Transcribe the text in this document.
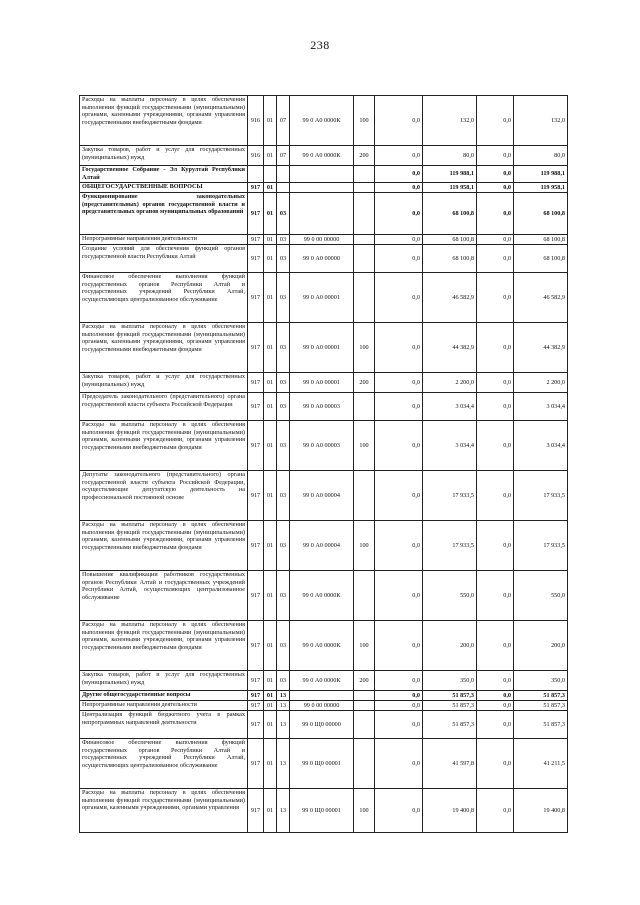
238
Расходы на выплаты персоналу в целях обеспечения выполнения функций государственными (муниципальными) органами, казенными учреждениями, органами управления государственными внебюджетными фондами	916	01	07	99 0 А0 0000К	100	0,0	132,0	0,0	132,0
Закупка товаров, работ и услуг для государственных (муниципальных) нужд	916	01	07	99 0 А0 0000К	200	0,0	80,0	0,0	80,0
Государственное Собрание - Эл Курултай Республики Алтай						0,0	119 988,1	0,0	119 988,1
ОБЩЕГОСУДАРСТВЕННЫЕ ВОПРОСЫ	917	01				0,0	119 958,1	0,0	119 958,1
Функционирование законодательных (представительных) органов государственной власти и представительных органов муниципальных образований	917	01	03			0,0	68 100,8	0,0	68 100,8
Непрограммные направления деятельности	917	01	03	99 0 00 00000		0,0	68 100,8	0,0	68 100,8
Создание условий для обеспечения функций органов государственной власти Республики Алтай	917	01	03	99 0 А0 00000		0,0	68 100,8	0,0	68 100,8
Финансовое обеспечение выполнения функций государственных органов Республики Алтай и государственных учреждений Республики Алтай, осуществляющих централизованное обслуживание	917	01	03	99 0 А0 00001		0,0	46 582,9	0,0	46 582,9
Расходы на выплаты персоналу в целях обеспечения выполнения функций государственными (муниципальными) органами, казенными учреждениями, органами управления государственными внебюджетными фондами	917	01	03	99 0 А0 00001	100	0,0	44 382,9	0,0	44 382,9
Закупка товаров, работ и услуг для государственных (муниципальных) нужд	917	01	03	99 0 А0 00001	200	0,0	2 200,0	0,0	2 200,0
Председатель законодательного (представительного) органа государственной власти субъекта Российской Федерации	917	01	03	99 0 А0 00003		0,0	3 034,4	0,0	3 034,4
Расходы на выплаты персоналу в целях обеспечения выполнения функций государственными (муниципальными) органами, казенными учреждениями, органами управления государственными внебюджетными фондами	917	01	03	99 0 А0 00003	100	0,0	3 034,4	0,0	3 034,4
Депутаты законодательного (представительного) органа государственной власти субъекта Российской Федерации, осуществляющие депутатскую деятельность на профессиональной постоянной основе	917	01	03	99 0 А0 00004		0,0	17 933,5	0,0	17 933,5
Расходы на выплаты персоналу в целях обеспечения выполнения функций государственными (муниципальными) органами, казенными учреждениями, органами управления государственными внебюджетными фондами	917	01	03	99 0 А0 00004	100	0,0	17 933,5	0,0	17 933,5
Повышение квалификации работников государственных органов Республики Алтай и государственных учреждений Республики Алтай, осуществляющих централизованное обслуживание	917	01	03	99 0 А0 0000К		0,0	550,0	0,0	550,0
Расходы на выплаты персоналу в целях обеспечения выполнения функций государственными (муниципальными) органами, казенными учреждениями, органами управления государственными внебюджетными фондами	917	01	03	99 0 А0 0000К	100	0,0	200,0	0,0	200,0
Закупка товаров, работ и услуг для государственных (муниципальных) нужд	917	01	03	99 0 А0 0000К	200	0,0	350,0	0,0	350,0
Другие общегосударственные вопросы	917	01	13			0,0	51 857,3	0,0	51 857,3
Непрограммные направления деятельности	917	01	13	99 0 00 00000		0,0	51 857,3	0,0	51 857,3
Централизация функций бюджетного учета в рамках непрограммных направлений деятельности	917	01	13	99 0 Щ0 00000		0,0	51 857,3	0,0	51 857,3
Финансовое обеспечение выполнения функций государственных органов Республики Алтай и государственных учреждений Республики Алтай, осуществляющих централизованное обслуживание	917	01	13	99 0 Щ0 00001		0,0	41 597,8	0,0	41 211,5
Расходы на выплаты персоналу в целях обеспечения выполнения функций государственными (муниципальными) органами, казенными учреждениями, органами управления	917	01	13	99 0 Щ0 00001	100	0,0	19 400,8	0,0	19 400,8
